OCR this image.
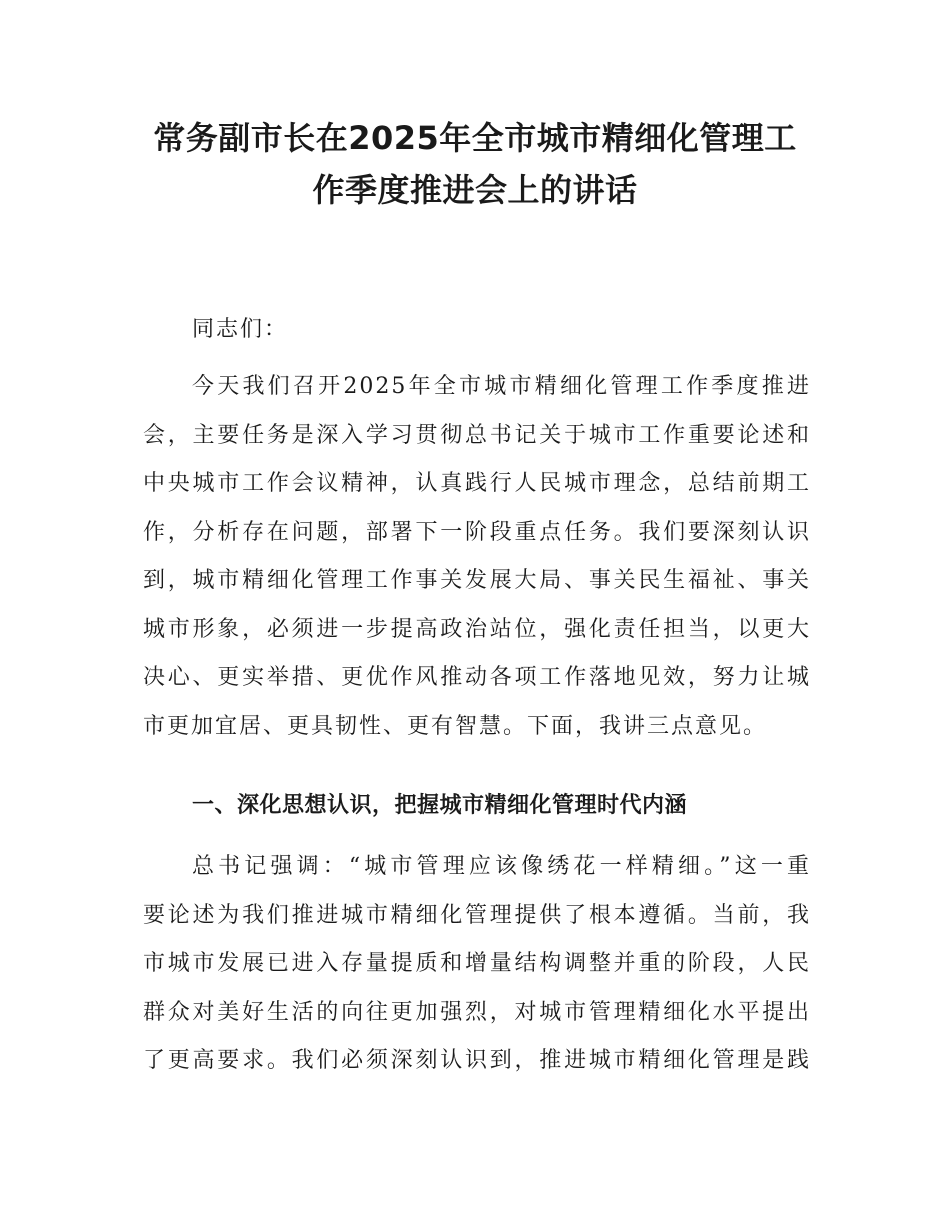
常务副市长在2025年全市城市精细化管理工
作季度推进会上的讲话

同志们：

今天我们召开2025年全市城市精细化管理工作季度推进
会，主要任务是深入学习贯彻总书记关于城市工作重要论述和
中央城市工作会议精神，认真践行人民城市理念，总结前期工
作，分析存在问题，部署下一阶段重点任务。我们要深刻认识
到，城市精细化管理工作事关发展大局、事关民生福祉、事关
城市形象，必须进一步提高政治站位，强化责任担当，以更大
决心、更实举措、更优作风推动各项工作落地见效，努力让城
市更加宜居、更具韧性、更有智慧。下面，我讲三点意见。
一、深化思想认识，把握城市精细化管理时代内涵
总书记强调：“城市管理应该像绣花一样精细。”这一重
要论述为我们推进城市精细化管理提供了根本遵循。当前，我
市城市发展已进入存量提质和增量结构调整并重的阶段，人民
群众对美好生活的向往更加强烈，对城市管理精细化水平提出
了更高要求。我们必须深刻认识到，推进城市精细化管理是践
